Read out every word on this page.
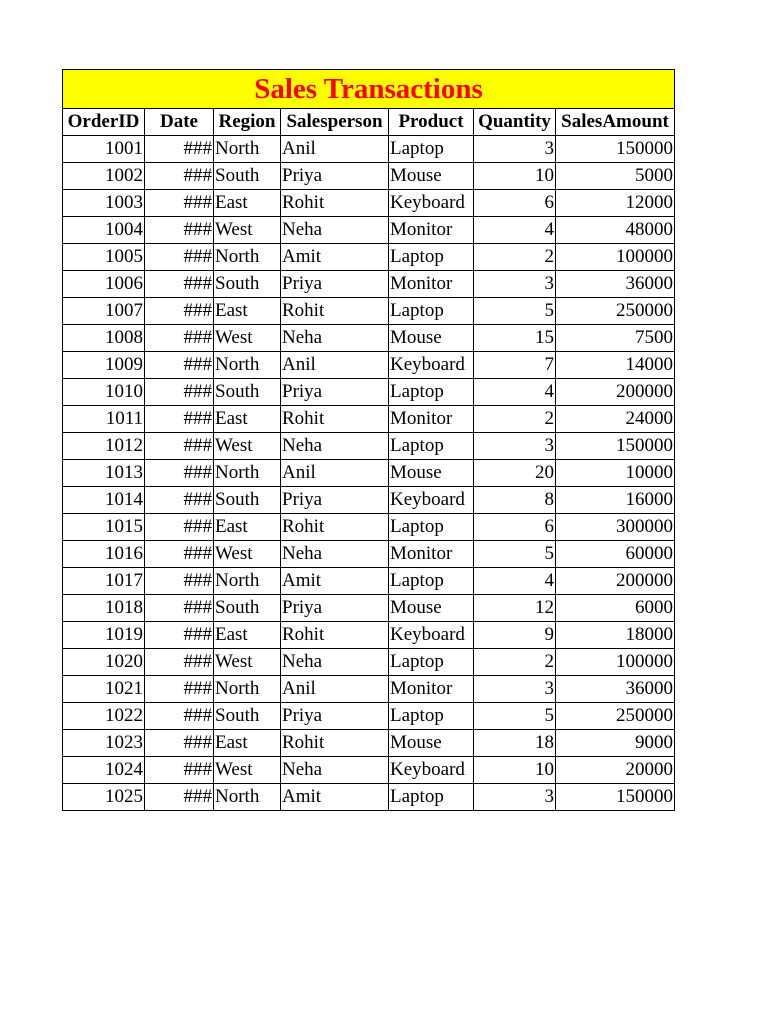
Sales Transactions						
OrderID	Date	Region	Salesperson	Product	Quantity	SalesAmount
1001	###	North	Anil	Laptop	3	150000
1002	###	South	Priya	Mouse	10	5000
1003	###	East	Rohit	Keyboard	6	12000
1004	###	West	Neha	Monitor	4	48000
1005	###	North	Amit	Laptop	2	100000
1006	###	South	Priya	Monitor	3	36000
1007	###	East	Rohit	Laptop	5	250000
1008	###	West	Neha	Mouse	15	7500
1009	###	North	Anil	Keyboard	7	14000
1010	###	South	Priya	Laptop	4	200000
1011	###	East	Rohit	Monitor	2	24000
1012	###	West	Neha	Laptop	3	150000
1013	###	North	Anil	Mouse	20	10000
1014	###	South	Priya	Keyboard	8	16000
1015	###	East	Rohit	Laptop	6	300000
1016	###	West	Neha	Monitor	5	60000
1017	###	North	Amit	Laptop	4	200000
1018	###	South	Priya	Mouse	12	6000
1019	###	East	Rohit	Keyboard	9	18000
1020	###	West	Neha	Laptop	2	100000
1021	###	North	Anil	Monitor	3	36000
1022	###	South	Priya	Laptop	5	250000
1023	###	East	Rohit	Mouse	18	9000
1024	###	West	Neha	Keyboard	10	20000
1025	###	North	Amit	Laptop	3	150000
